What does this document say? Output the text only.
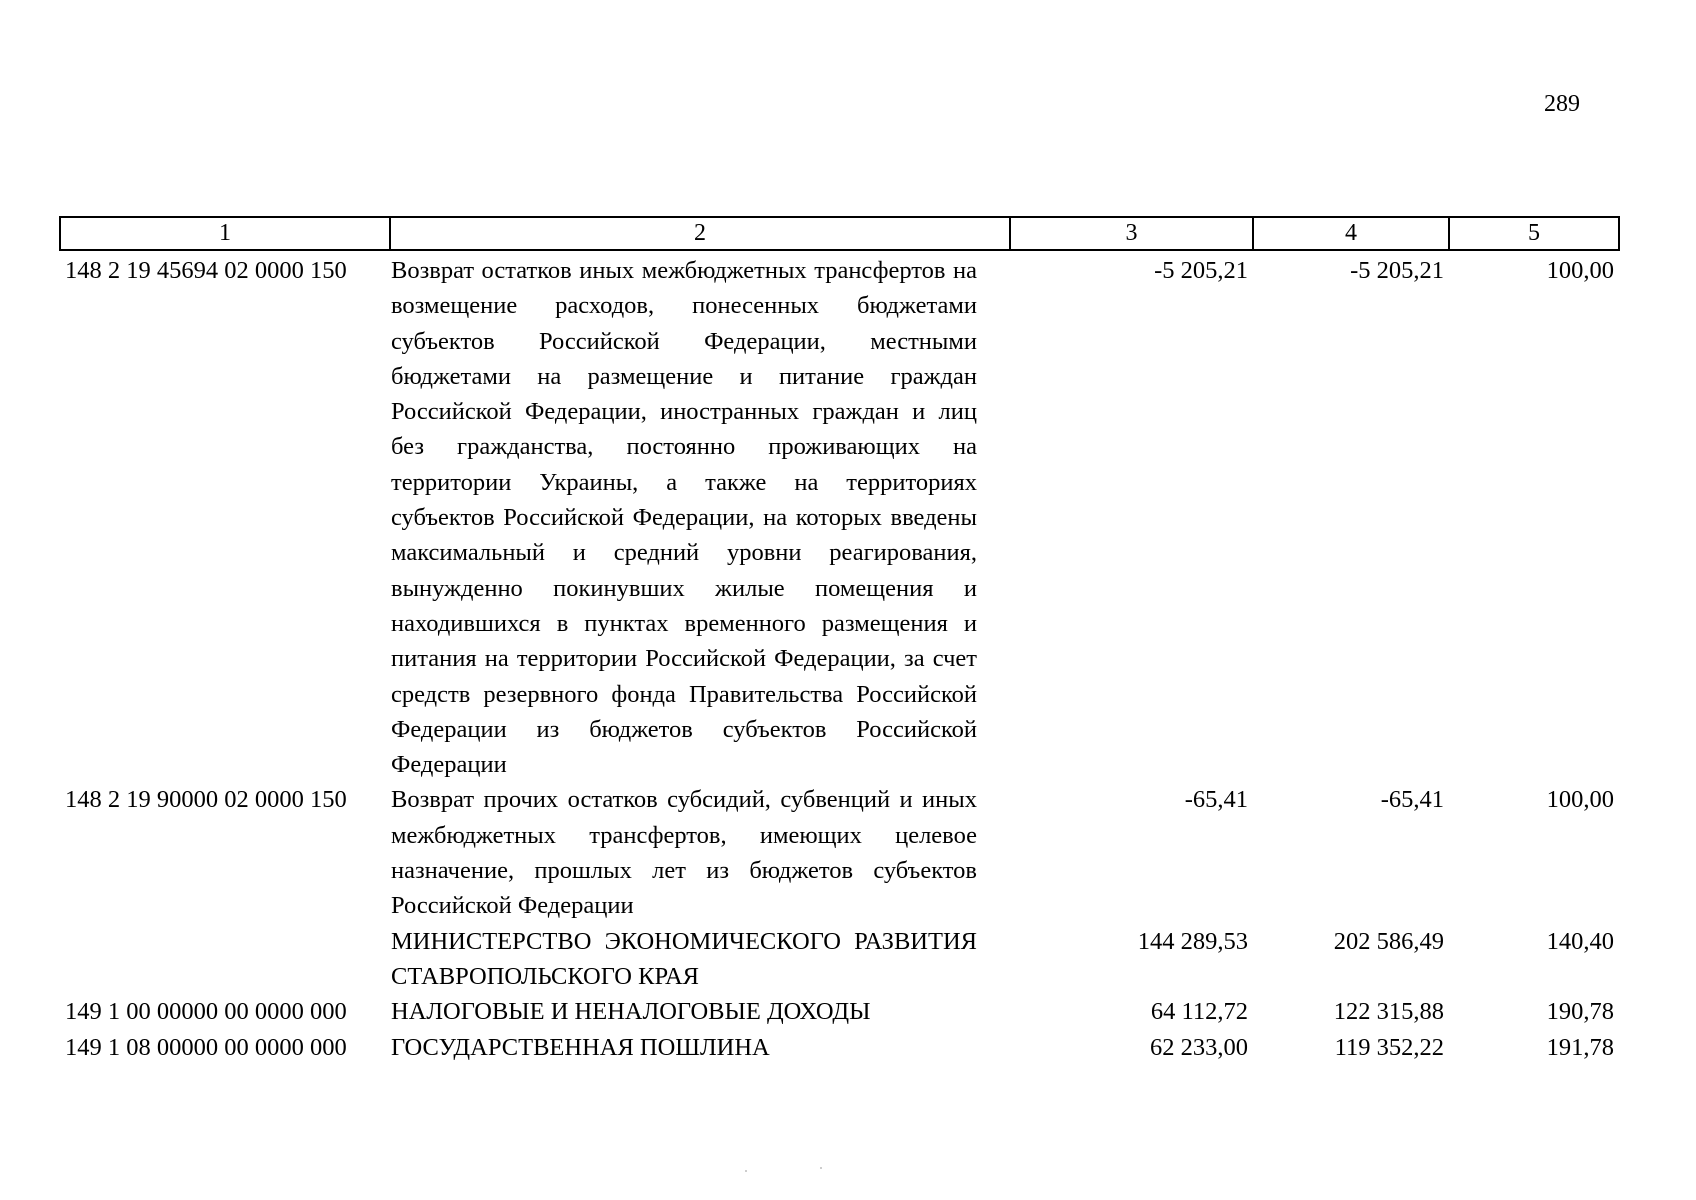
289
1	2	3	4	5
148 2 19 45694 02 0000 150	Возврат остатков иных межбюджетных трансфертов на возмещение расходов, понесенных бюджетами субъектов Российской Федерации, местными бюджетами на размещение и питание граждан Российской Федерации, иностранных граждан и лиц без гражданства, постоянно проживающих на территории Украины, а также на территориях субъектов Российской Федерации, на которых введены максимальный и средний уровни реагирования, вынужденно покинувших жилые помещения и находившихся в пунктах временного размещения и питания на территории Российской Федерации, за счет средств резервного фонда Правительства Российской Федерации из бюджетов субъектов Российской Федерации	-5 205,21	-5 205,21	100,00
148 2 19 90000 02 0000 150	Возврат прочих остатков субсидий, субвенций и иных межбюджетных трансфертов, имеющих целевое назначение, прошлых лет из бюджетов субъектов Российской Федерации	-65,41	-65,41	100,00
	МИНИСТЕРСТВО ЭКОНОМИЧЕСКОГО РАЗВИТИЯ СТАВРОПОЛЬСКОГО КРАЯ	144 289,53	202 586,49	140,40
149 1 00 00000 00 0000 000	НАЛОГОВЫЕ И НЕНАЛОГОВЫЕ ДОХОДЫ	64 112,72	122 315,88	190,78
149 1 08 00000 00 0000 000	ГОСУДАРСТВЕННАЯ ПОШЛИНА	62 233,00	119 352,22	191,78
